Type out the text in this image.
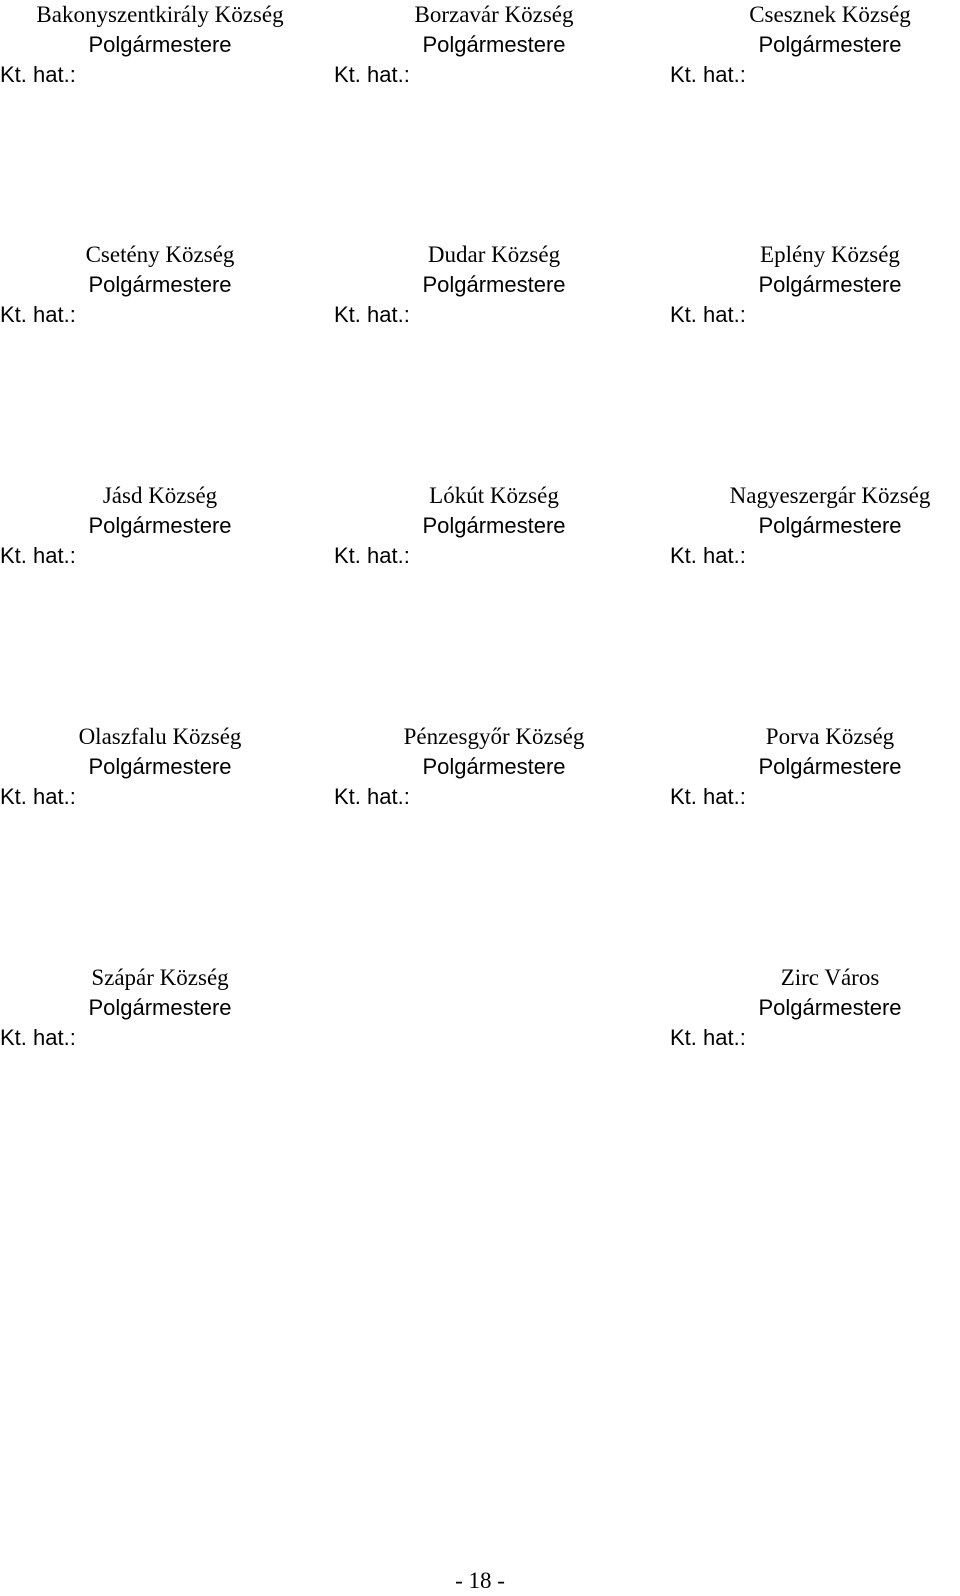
Bakonyszentkirály Község
Polgármestere
Kt. hat.:
Borzavár Község
Polgármestere
Kt. hat.:
Csesznek Község
Polgármestere
Kt. hat.:
Csetény Község
Polgármestere
Kt. hat.:
Dudar Község
Polgármestere
Kt. hat.:
Eplény Község
Polgármestere
Kt. hat.:
Jásd Község
Polgármestere
Kt. hat.:
Lókút Község
Polgármestere
Kt. hat.:
Nagyeszergár Község
Polgármestere
Kt. hat.:
Olaszfalu Község
Polgármestere
Kt. hat.:
Pénzesgyőr Község
Polgármestere
Kt. hat.:
Porva Község
Polgármestere
Kt. hat.:
Szápár Község
Polgármestere
Kt. hat.:
Zirc Város
Polgármestere
Kt. hat.:
- 18 -
